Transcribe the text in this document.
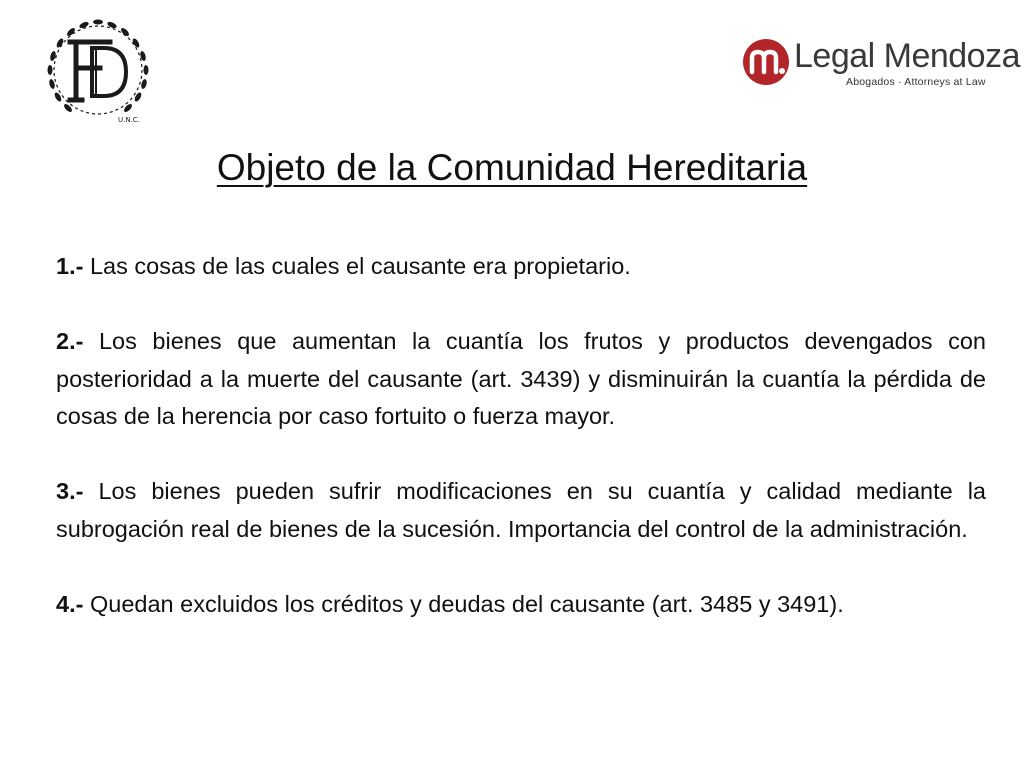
U.N.C.
Legal Mendoza
Abogados · Attorneys at Law
Objeto de la Comunidad Hereditaria

1.- Las cosas de las cuales el causante era propietario.

2.- Los bienes que aumentan la cuantía los frutos y productos devengados con posterioridad a la muerte del causante (art. 3439) y disminuirán la cuantía la pérdida de cosas de la herencia por caso fortuito o fuerza mayor.

3.- Los bienes pueden sufrir modificaciones en su cuantía y calidad mediante la subrogación real de bienes de la sucesión. Importancia del control de la administración.

4.- Quedan excluidos los créditos y deudas del causante (art. 3485 y 3491).
